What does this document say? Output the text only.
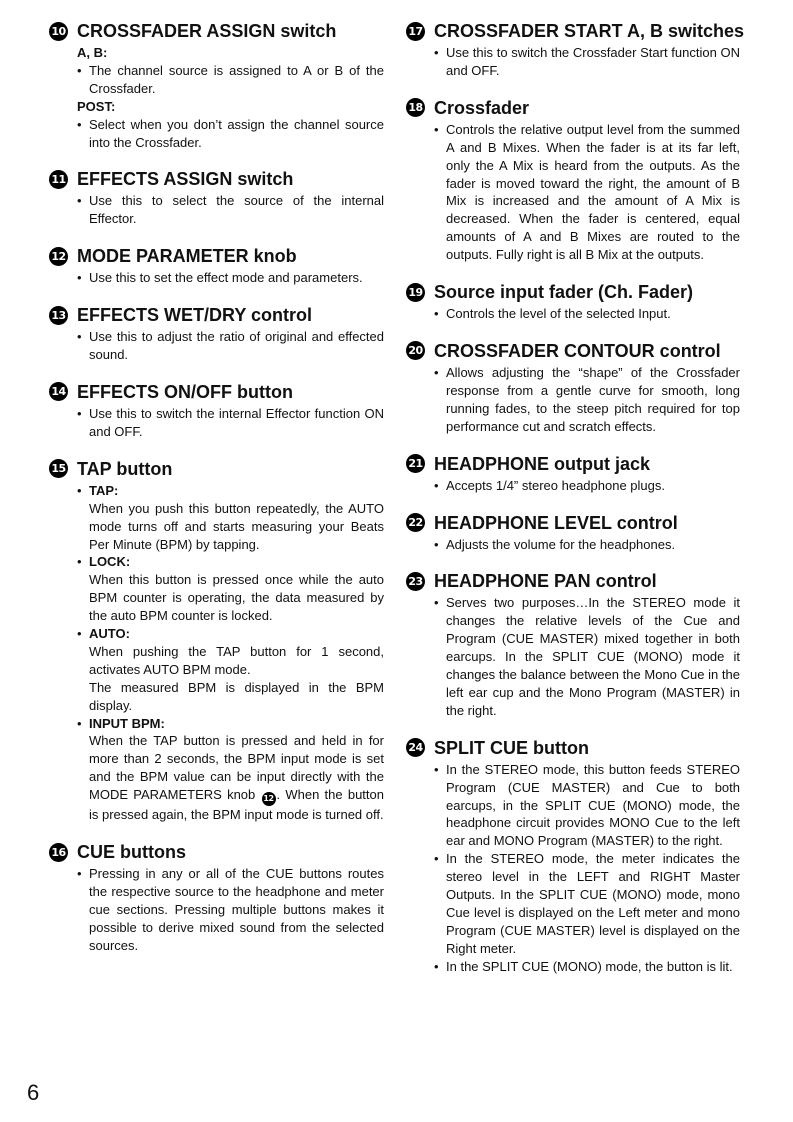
10 CROSSFADER ASSIGN switch
A, B:
• The channel source is assigned to A or B of the Crossfader.
POST:
• Select when you don’t assign the channel source into the Crossfader.
11 EFFECTS ASSIGN switch
• Use this to select the source of the internal Effector.
12 MODE PARAMETER knob
• Use this to set the effect mode and parameters.
13 EFFECTS WET/DRY control
• Use this to adjust the ratio of original and effected sound.
14 EFFECTS ON/OFF button
• Use this to switch the internal Effector function ON and OFF.
15 TAP button
• TAP:
When you push this button repeatedly, the AUTO mode turns off and starts measuring your Beats Per Minute (BPM) by tapping.
• LOCK:
When this button is pressed once while the auto BPM counter is operating, the data measured by the auto BPM counter is locked.
• AUTO:
When pushing the TAP button for 1 second, activates AUTO BPM mode.
The measured BPM is displayed in the BPM display.
• INPUT BPM:
When the TAP button is pressed and held in for more than 2 seconds, the BPM input mode is set and the BPM value can be input directly with the MODE PARAMETERS knob 12 . When the button is pressed again, the BPM input mode is turned off.
16 CUE buttons
• Pressing in any or all of the CUE buttons routes the respective source to the headphone and meter cue sections. Pressing multiple buttons makes it possible to derive mixed sound from the selected sources.
17 CROSSFADER START A, B switches
• Use this to switch the Crossfader Start function ON and OFF.
18 Crossfader
• Controls the relative output level from the summed A and B Mixes. When the fader is at its far left, only the A Mix is heard from the outputs. As the fader is moved toward the right, the amount of B Mix is increased and the amount of A Mix is decreased. When the fader is centered, equal amounts of A and B Mixes are routed to the outputs. Fully right is all B Mix at the outputs.
19 Source input fader (Ch. Fader)
• Controls the level of the selected Input.
20 CROSSFADER CONTOUR control
• Allows adjusting the “shape” of the Crossfader response from a gentle curve for smooth, long running fades, to the steep pitch required for top performance cut and scratch effects.
21 HEADPHONE output jack
• Accepts 1/4” stereo headphone plugs.
22 HEADPHONE LEVEL control
• Adjusts the volume for the headphones.
23 HEADPHONE PAN control
• Serves two purposes…In the STEREO mode it changes the relative levels of the Cue and Program (CUE MASTER) mixed together in both earcups. In the SPLIT CUE (MONO) mode it changes the balance between the Mono Cue in the left ear cup and the Mono Program (MASTER) in the right.
24 SPLIT CUE button
• In the STEREO mode, this button feeds STEREO Program (CUE MASTER) and Cue to both earcups, in the SPLIT CUE (MONO) mode, the headphone circuit provides MONO Cue to the left ear and MONO Program (MASTER) to the right.
• In the STEREO mode, the meter indicates the stereo level in the LEFT and RIGHT Master Outputs. In the SPLIT CUE (MONO) mode, mono Cue level is displayed on the Left meter and mono Program (CUE MASTER) level is displayed on the Right meter.
• In the SPLIT CUE (MONO) mode, the button is lit.
6
